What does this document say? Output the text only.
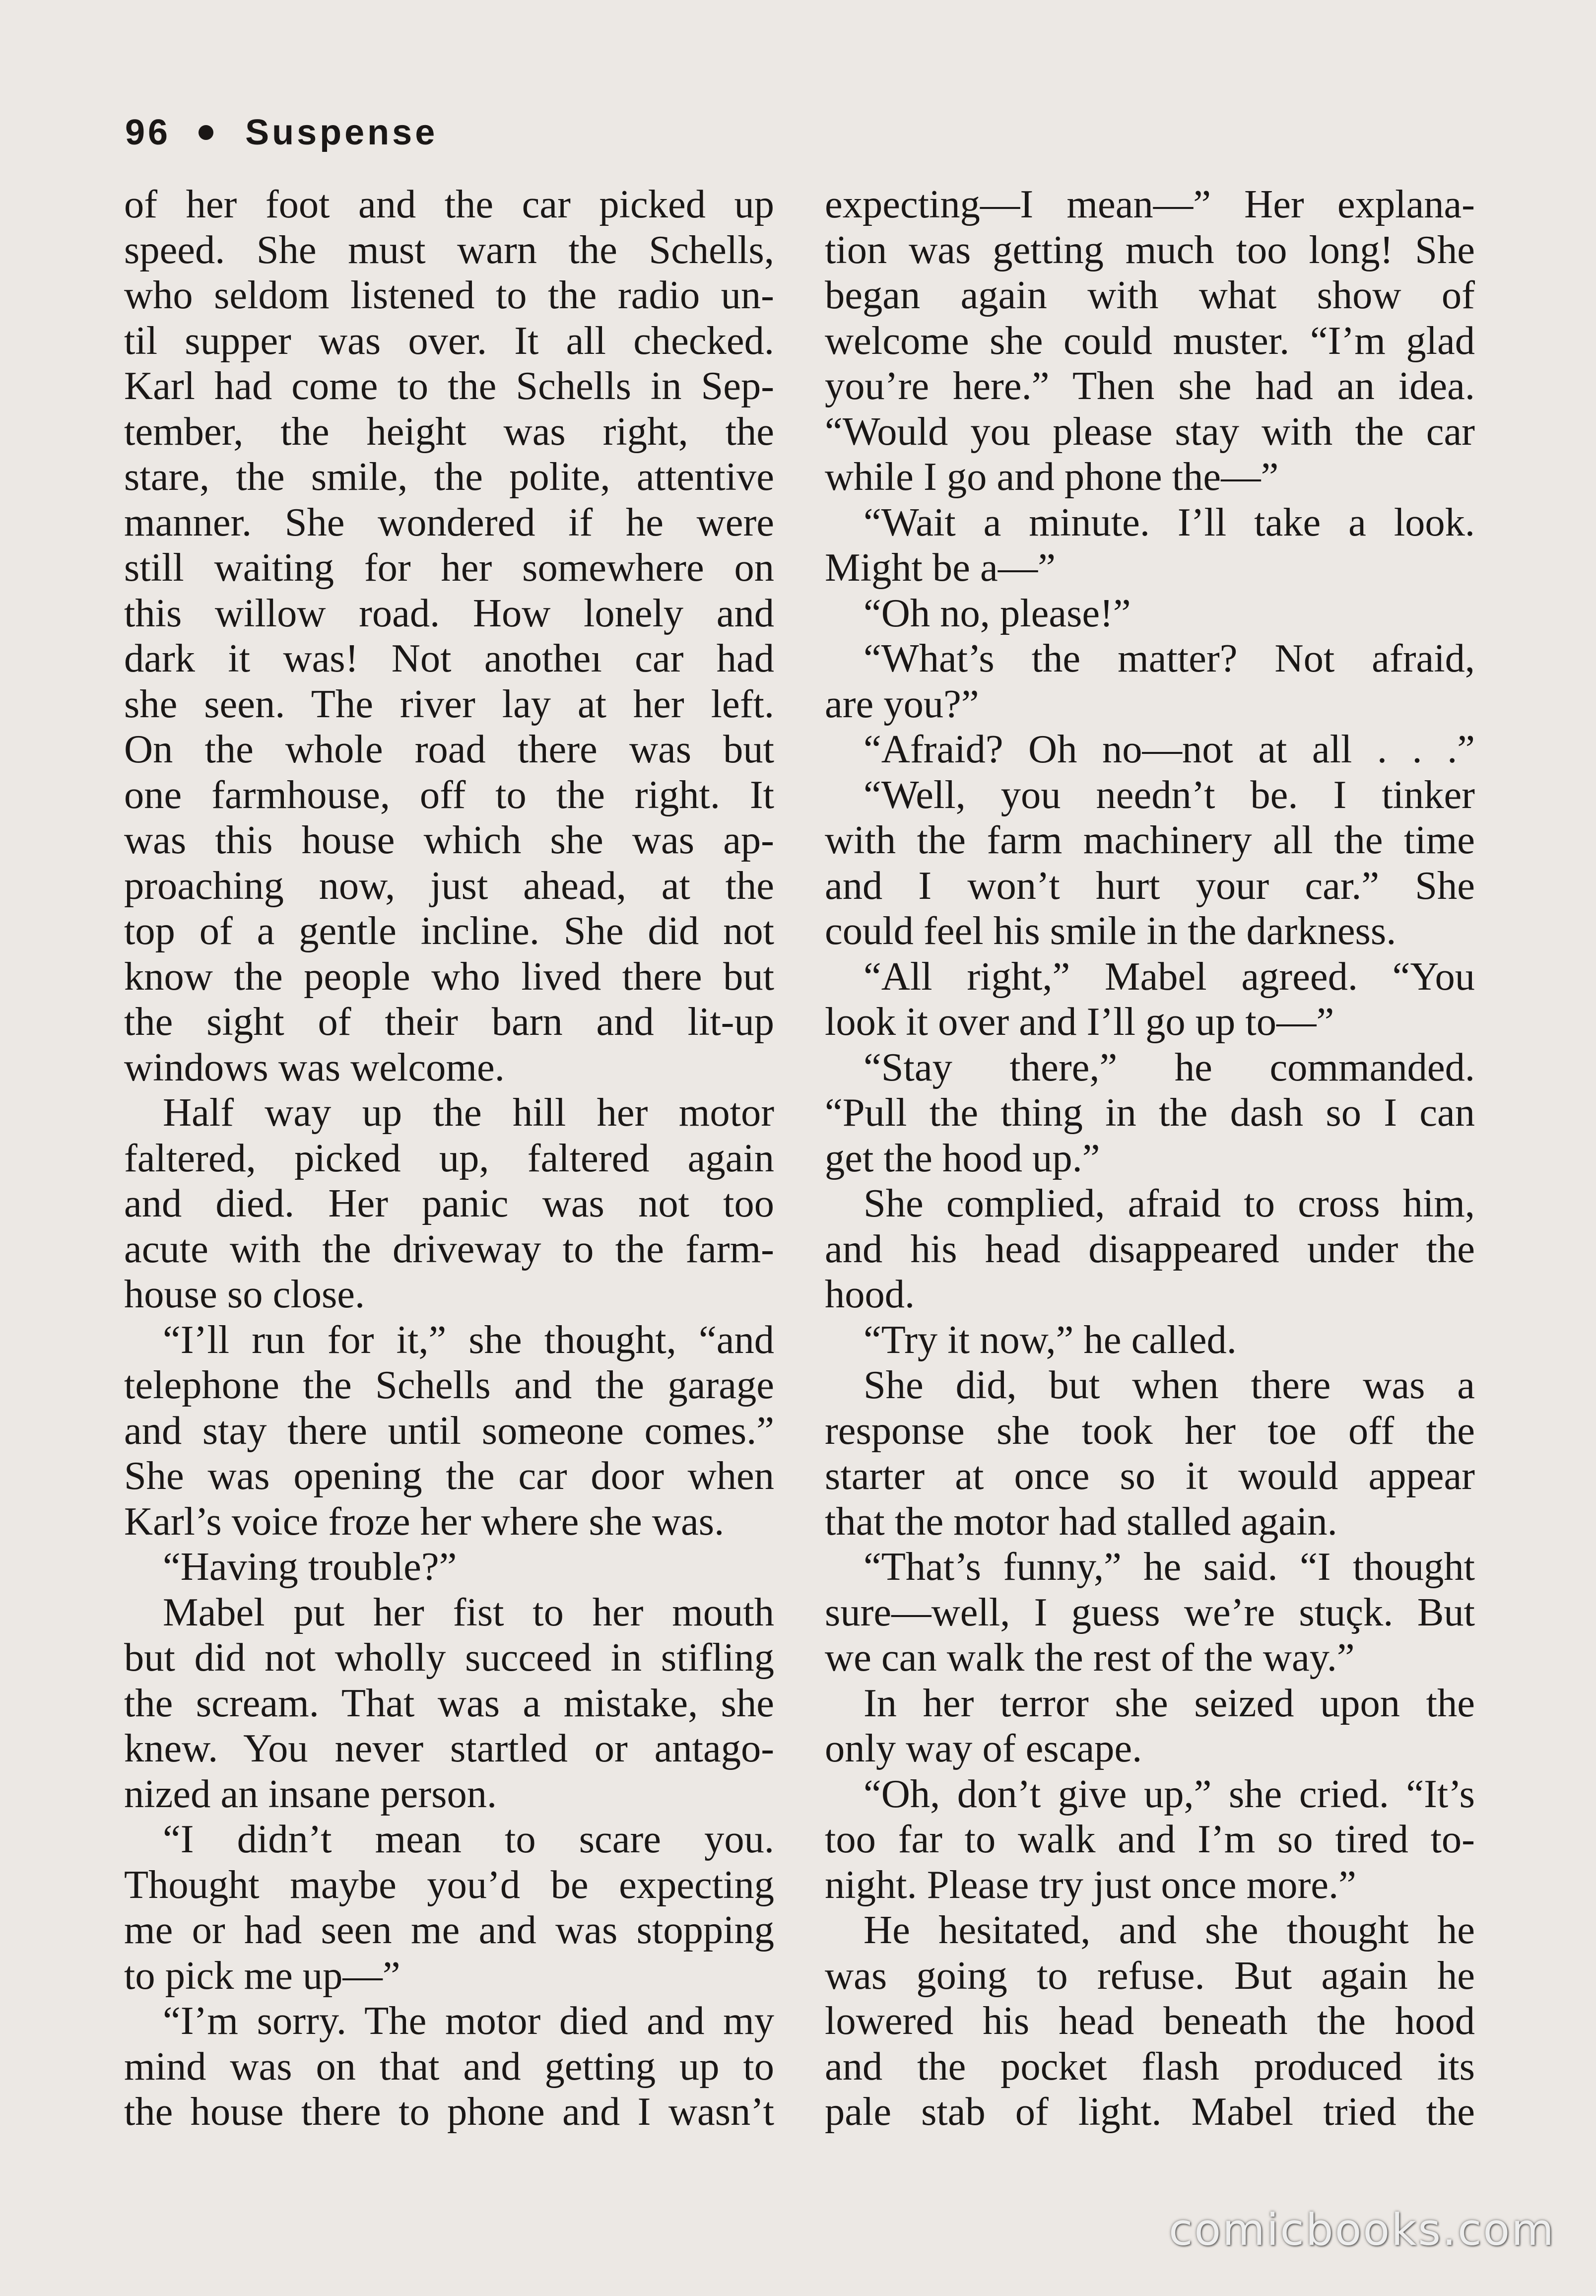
96 Suspense
of her foot and the car picked up
speed. She must warn the Schells,
who seldom listened to the radio un-
til supper was over. It all checked.
Karl had come to the Schells in Sep-
tember, the height was right, the
stare, the smile, the polite, attentive
manner. She wondered if he were
still waiting for her somewhere on
this willow road. How lonely and
dark it was! Not anotheı car had
she seen. The river lay at her left.
On the whole road there was but
one farmhouse, off to the right. It
was this house which she was ap-
proaching now, just ahead, at the
top of a gentle incline. She did not
know the people who lived there but
the sight of their barn and lit-up
windows was welcome.
Half way up the hill her motor
faltered, picked up, faltered again
and died. Her panic was not too
acute with the driveway to the farm-
house so close.
“I’ll run for it,” she thought, “and
telephone the Schells and the garage
and stay there until someone comes.”
She was opening the car door when
Karl’s voice froze her where she was.
“Having trouble?”
Mabel put her fist to her mouth
but did not wholly succeed in stifling
the scream. That was a mistake, she
knew. You never startled or antago-
nized an insane person.
“I didn’t mean to scare you.
Thought maybe you’d be expecting
me or had seen me and was stopping
to pick me up—”
“I’m sorry. The motor died and my
mind was on that and getting up to
the house there to phone and I wasn’t
expecting—I mean—” Her explana-
tion was getting much too long! She
began again with what show of
welcome she could muster. “I’m glad
you’re here.” Then she had an idea.
“Would you please stay with the car
while I go and phone the—”
“Wait a minute. I’ll take a look.
Might be a—”
“Oh no, please!”
“What’s the matter? Not afraid,
are you?”
“Afraid? Oh no—not at all . . .”
“Well, you needn’t be. I tinker
with the farm machinery all the time
and I won’t hurt your car.” She
could feel his smile in the darkness.
“All right,” Mabel agreed. “You
look it over and I’ll go up to—”
“Stay there,” he commanded.
“Pull the thing in the dash so I can
get the hood up.”
She complied, afraid to cross him,
and his head disappeared under the
hood.
“Try it now,” he called.
She did, but when there was a
response she took her toe off the
starter at once so it would appear
that the motor had stalled again.
“That’s funny,” he said. “I thought
sure—well, I guess we’re stuçk. But
we can walk the rest of the way.”
In her terror she seized upon the
only way of escape.
“Oh, don’t give up,” she cried. “It’s
too far to walk and I’m so tired to-
night. Please try just once more.”
He hesitated, and she thought he
was going to refuse. But again he
lowered his head beneath the hood
and the pocket flash produced its
pale stab of light. Mabel tried the
comicbooks.com
